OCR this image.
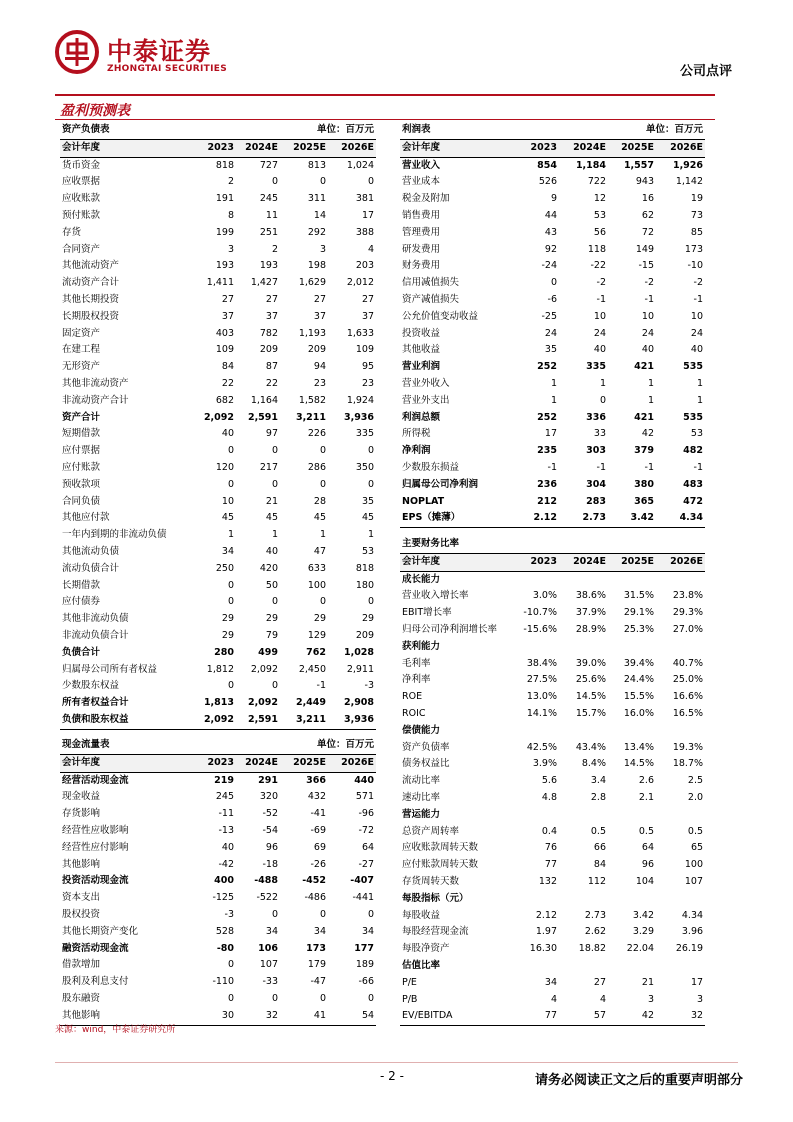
中泰证券
ZHONGTAI SECURITIES	公司点评
盈利预测表
资产负债表			单位：百万元	
会计年度	2023	2024E	2025E	2026E
货币资金	818	727	813	1,024
应收票据	2	0	0	0
应收账款	191	245	311	381
预付账款	8	11	14	17
存货	199	251	292	388
合同资产	3	2	3	4
其他流动资产	193	193	198	203
流动资产合计	1,411	1,427	1,629	2,012
其他长期投资	27	27	27	27
长期股权投资	37	37	37	37
固定资产	403	782	1,193	1,633
在建工程	109	209	209	109
无形资产	84	87	94	95
其他非流动资产	22	22	23	23
非流动资产合计	682	1,164	1,582	1,924
资产合计	2,092	2,591	3,211	3,936
短期借款	40	97	226	335
应付票据	0	0	0	0
应付账款	120	217	286	350
预收款项	0	0	0	0
合同负债	10	21	28	35
其他应付款	45	45	45	45
一年内到期的非流动负债	1	1	1	1
其他流动负债	34	40	47	53
流动负债合计	250	420	633	818
长期借款	0	50	100	180
应付债券	0	0	0	0
其他非流动负债	29	29	29	29
非流动负债合计	29	79	129	209
负债合计	280	499	762	1,028
归属母公司所有者权益	1,812	2,092	2,450	2,911
少数股东权益	0	0	-1	-3
所有者权益合计	1,813	2,092	2,449	2,908
负债和股东权益	2,092	2,591	3,211	3,936
现金流量表			单位：百万元	
会计年度	2023	2024E	2025E	2026E
经营活动现金流	219	291	366	440
现金收益	245	320	432	571
存货影响	-11	-52	-41	-96
经营性应收影响	-13	-54	-69	-72
经营性应付影响	40	96	69	64
其他影响	-42	-18	-26	-27
投资活动现金流	400	-488	-452	-407
资本支出	-125	-522	-486	-441
股权投资	-3	0	0	0
其他长期资产变化	528	34	34	34
融资活动现金流	-80	106	173	177
借款增加	0	107	179	189
股利及利息支付	-110	-33	-47	-66
股东融资	0	0	0	0
其他影响	30	32	41	54
利润表			单位：百万元	
会计年度	2023	2024E	2025E	2026E
营业收入	854	1,184	1,557	1,926
营业成本	526	722	943	1,142
税金及附加	9	12	16	19
销售费用	44	53	62	73
管理费用	43	56	72	85
研发费用	92	118	149	173
财务费用	-24	-22	-15	-10
信用减值损失	0	-2	-2	-2
资产减值损失	-6	-1	-1	-1
公允价值变动收益	-25	10	10	10
投资收益	24	24	24	24
其他收益	35	40	40	40
营业利润	252	335	421	535
营业外收入	1	1	1	1
营业外支出	1	0	1	1
利润总额	252	336	421	535
所得税	17	33	42	53
净利润	235	303	379	482
少数股东损益	-1	-1	-1	-1
归属母公司净利润	236	304	380	483
NOPLAT	212	283	365	472
EPS（摊薄）	2.12	2.73	3.42	4.34
主要财务比率				
会计年度	2023	2024E	2025E	2026E
成长能力				
营业收入增长率	3.0%	38.6%	31.5%	23.8%
EBIT增长率	-10.7%	37.9%	29.1%	29.3%
归母公司净利润增长率	-15.6%	28.9%	25.3%	27.0%
获利能力				
毛利率	38.4%	39.0%	39.4%	40.7%
净利率	27.5%	25.6%	24.4%	25.0%
ROE	13.0%	14.5%	15.5%	16.6%
ROIC	14.1%	15.7%	16.0%	16.5%
偿债能力				
资产负债率	42.5%	43.4%	13.4%	19.3%
债务权益比	3.9%	8.4%	14.5%	18.7%
流动比率	5.6	3.4	2.6	2.5
速动比率	4.8	2.8	2.1	2.0
营运能力				
总资产周转率	0.4	0.5	0.5	0.5
应收账款周转天数	76	66	64	65
应付账款周转天数	77	84	96	100
存货周转天数	132	112	104	107
每股指标（元）				
每股收益	2.12	2.73	3.42	4.34
每股经营现金流	1.97	2.62	3.29	3.96
每股净资产	16.30	18.82	22.04	26.19
估值比率				
P/E	34	27	21	17
P/B	4	4	3	3
EV/EBITDA	77	57	42	32
来源：wind，中泰证券研究所
- 2 -	请务必阅读正文之后的重要声明部分
